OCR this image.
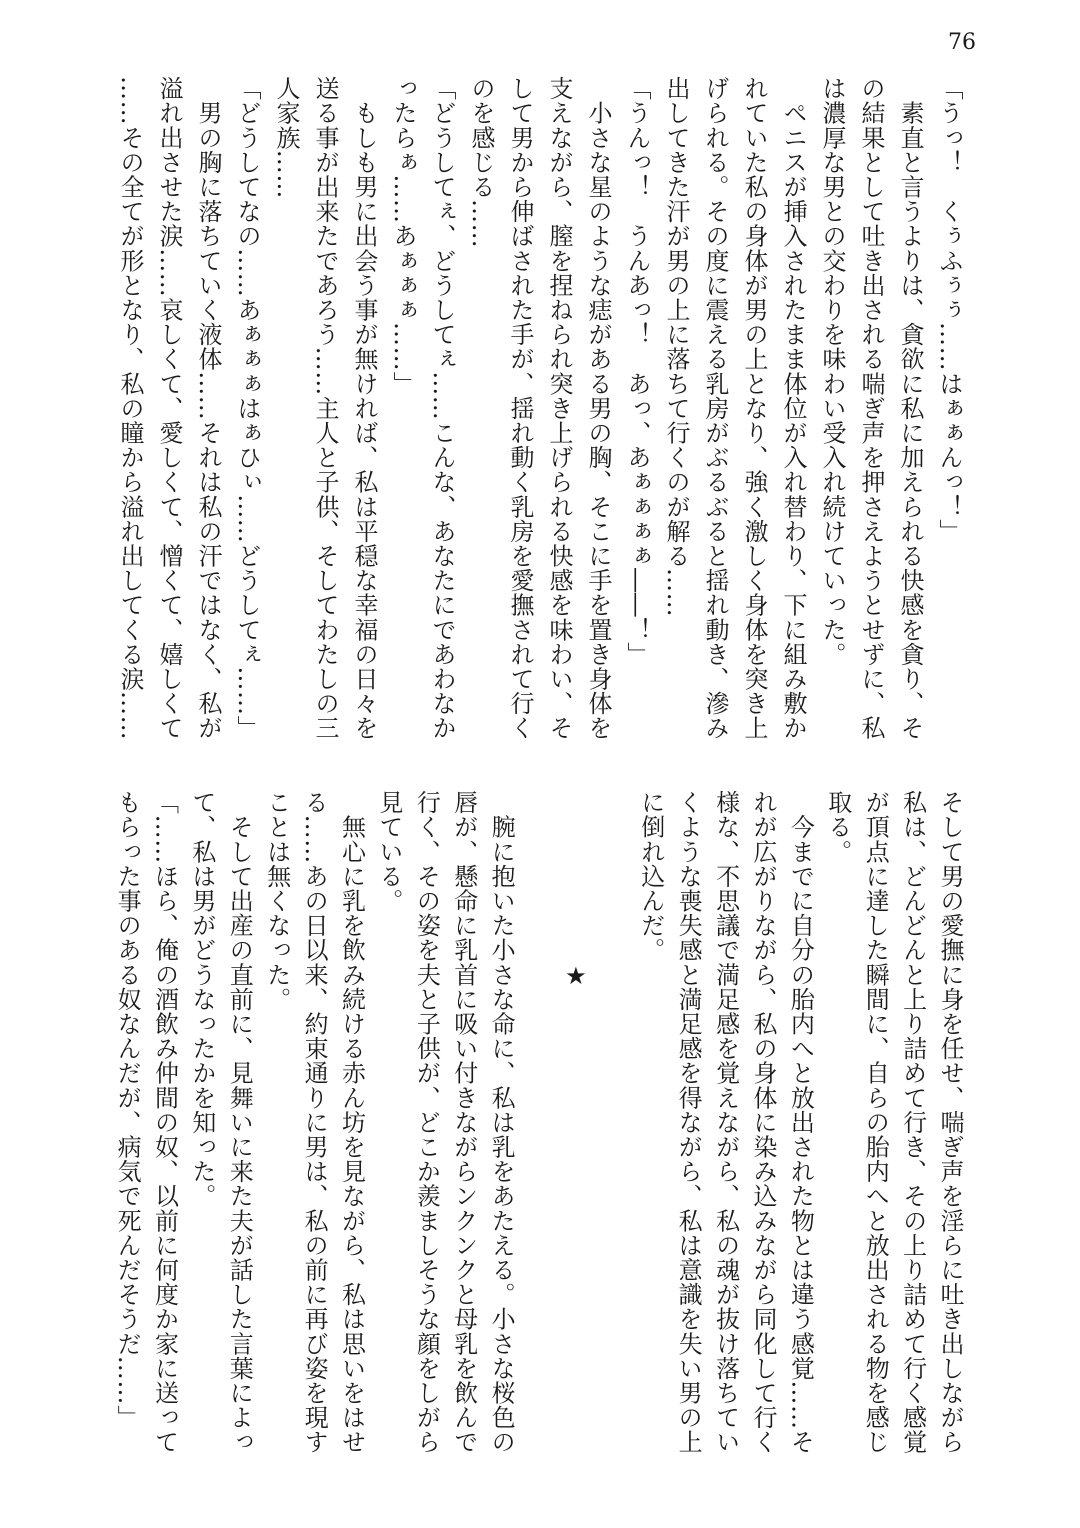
76
「うっ！　くぅふぅぅ……はぁぁんっ！」
　素直と言うよりは、貪欲に私に加えられる快感を貪り、そ
の結果として吐き出される喘ぎ声を押さえようとせずに、私
は濃厚な男との交わりを味わい受入れ続けていった。
　ペニスが挿入されたまま体位が入れ替わり、下に組み敷か
れていた私の身体が男の上となり、強く激しく身体を突き上
げられる。その度に震える乳房がぶるぶると揺れ動き、滲み
出してきた汗が男の上に落ちて行くのが解る……
「うんっ！　うんあっ！　あっ、あぁぁぁぁ――！」
　小さな星のような痣がある男の胸、そこに手を置き身体を
支えながら、膣を捏ねられ突き上げられる快感を味わい、そ
して男から伸ばされた手が、揺れ動く乳房を愛撫されて行く
のを感じる……
「どうしてぇ、どうしてぇ……こんな、あなたにであわなか
ったらぁ……あぁぁぁ……」
　もしも男に出会う事が無ければ、私は平穏な幸福の日々を
送る事が出来たであろう……主人と子供、そしてわたしの三
人家族……
「どうしてなの……あぁぁぁはぁひぃ……どうしてぇ……」
　男の胸に落ちていく液体……それは私の汗ではなく、私が
溢れ出させた涙……哀しくて、愛しくて、憎くて、嬉しくて
……その全てが形となり、私の瞳から溢れ出してくる涙……
そして男の愛撫に身を任せ、喘ぎ声を淫らに吐き出しながら
私は、どんどんと上り詰めて行き、その上り詰めて行く感覚
が頂点に達した瞬間に、自らの胎内へと放出される物を感じ
取る。
　今までに自分の胎内へと放出された物とは違う感覚……そ
れが広がりながら、私の身体に染み込みながら同化して行く
様な、不思議で満足感を覚えながら、私の魂が抜け落ちてい
くような喪失感と満足感を得ながら、私は意識を失い男の上
に倒れ込んだ。
★
　腕に抱いた小さな命に、私は乳をあたえる。小さな桜色の
唇が、懸命に乳首に吸い付きながらンクンクと母乳を飲んで
行く、その姿を夫と子供が、どこか羨ましそうな顔をしがら
見ている。
　無心に乳を飲み続ける赤ん坊を見ながら、私は思いをはせ
る……あの日以来、約束通りに男は、私の前に再び姿を現す
ことは無くなった。
　そして出産の直前に、見舞いに来た夫が話した言葉によっ
て、私は男がどうなったかを知った。
「……ほら、俺の酒飲み仲間の奴、以前に何度か家に送って
もらった事のある奴なんだが、病気で死んだそうだ……」
